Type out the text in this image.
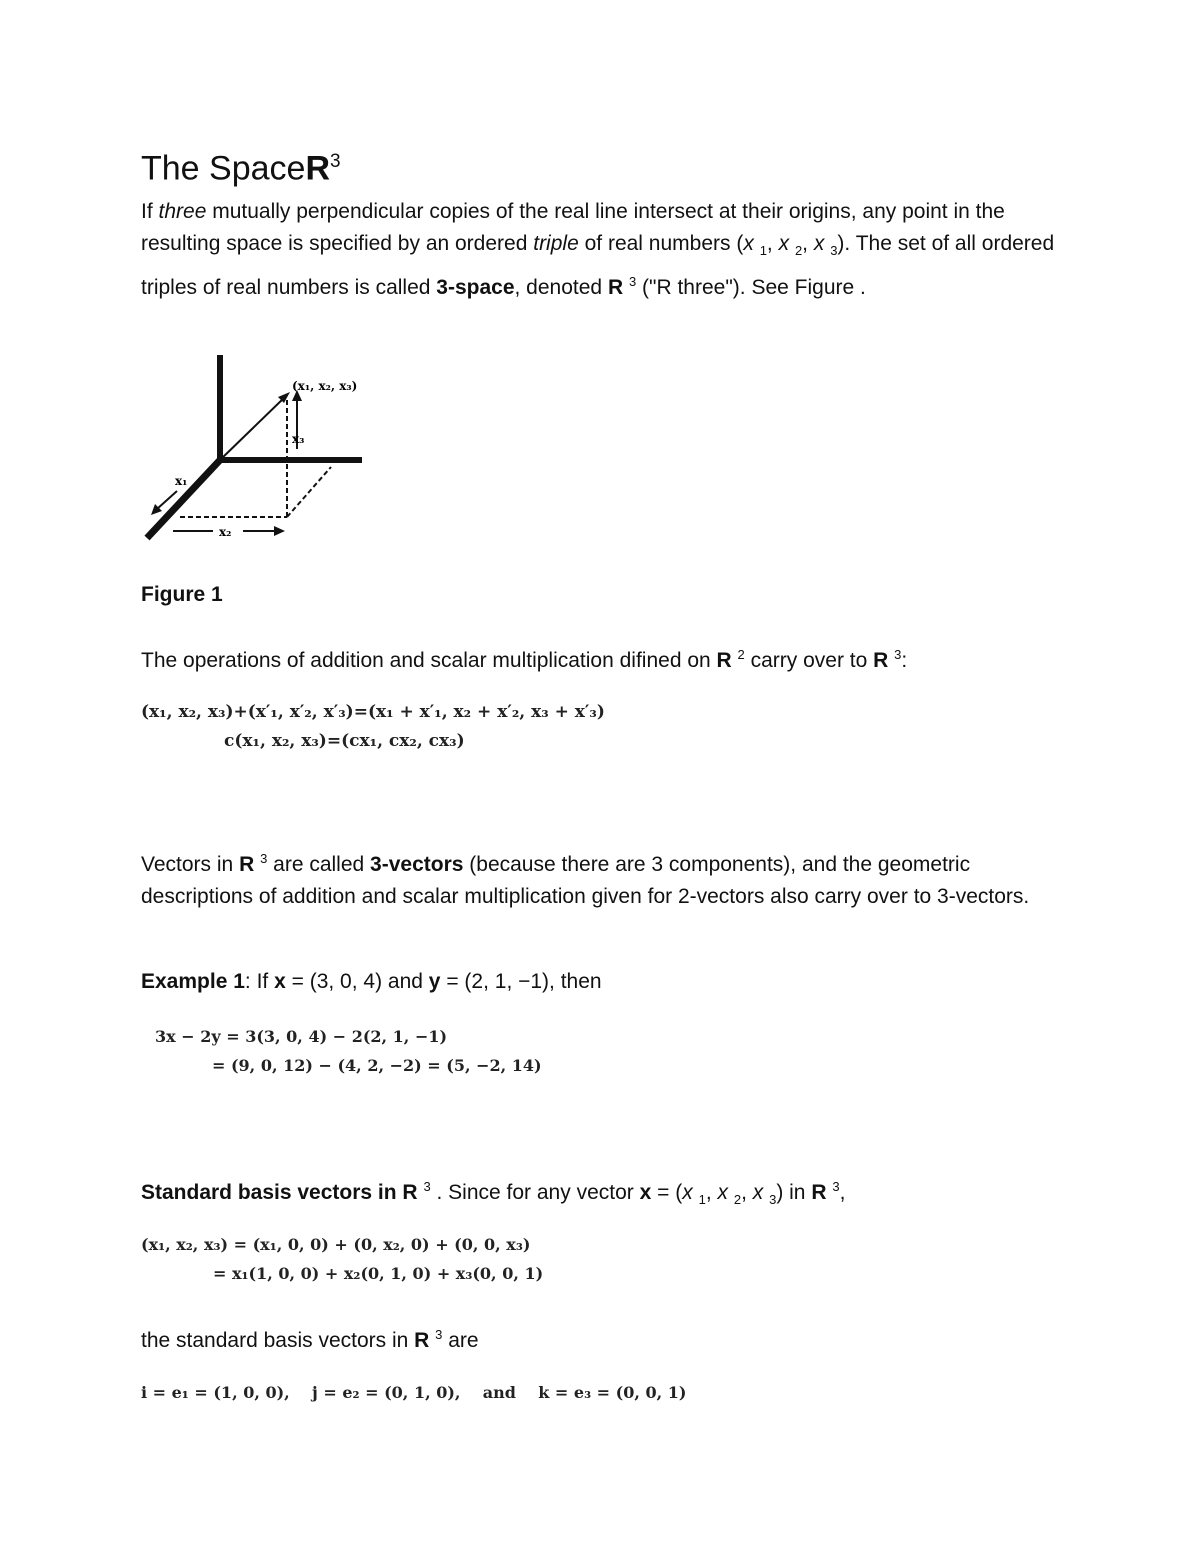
The SpaceR$^3$
If three mutually perpendicular copies of the real line intersect at their origins, any point in the resulting space is specified by an ordered triple of real numbers (x $_1$, x $_2$, x $_3$). The set of all ordered triples of real numbers is called 3-space, denoted R $^3$ ("R three"). See Figure .
(x₁, x₂, x₃)
x₃
x₂
x₁
Figure 1
The operations of addition and scalar multiplication difined on R $^2$ carry over to R $^3$:
(x₁, x₂, x₃)+(x′₁, x′₂, x′₃)=(x₁ + x′₁, x₂ + x′₂, x₃ + x′₃)
c(x₁, x₂, x₃)=(cx₁, cx₂, cx₃)
Vectors in R $^3$ are called 3-vectors (because there are 3 components), and the geometric descriptions of addition and scalar multiplication given for 2-vectors also carry over to 3-vectors.
Example 1: If x = (3, 0, 4) and y = (2, 1, −1), then
3x − 2y = 3(3, 0, 4) − 2(2, 1, −1)
= (9, 0, 12) − (4, 2, −2) = (5, −2, 14)
Standard basis vectors in R $^3$ . Since for any vector x = (x $_1$, x $_2$, x $_3$) in R $^3$,
(x₁, x₂, x₃) = (x₁, 0, 0) + (0, x₂, 0) + (0, 0, x₃)
= x₁(1, 0, 0) + x₂(0, 1, 0) + x₃(0, 0, 1)
the standard basis vectors in R $^3$ are
i = e₁ = (1, 0, 0), j = e₂ = (0, 1, 0), and k = e₃ = (0, 0, 1)
